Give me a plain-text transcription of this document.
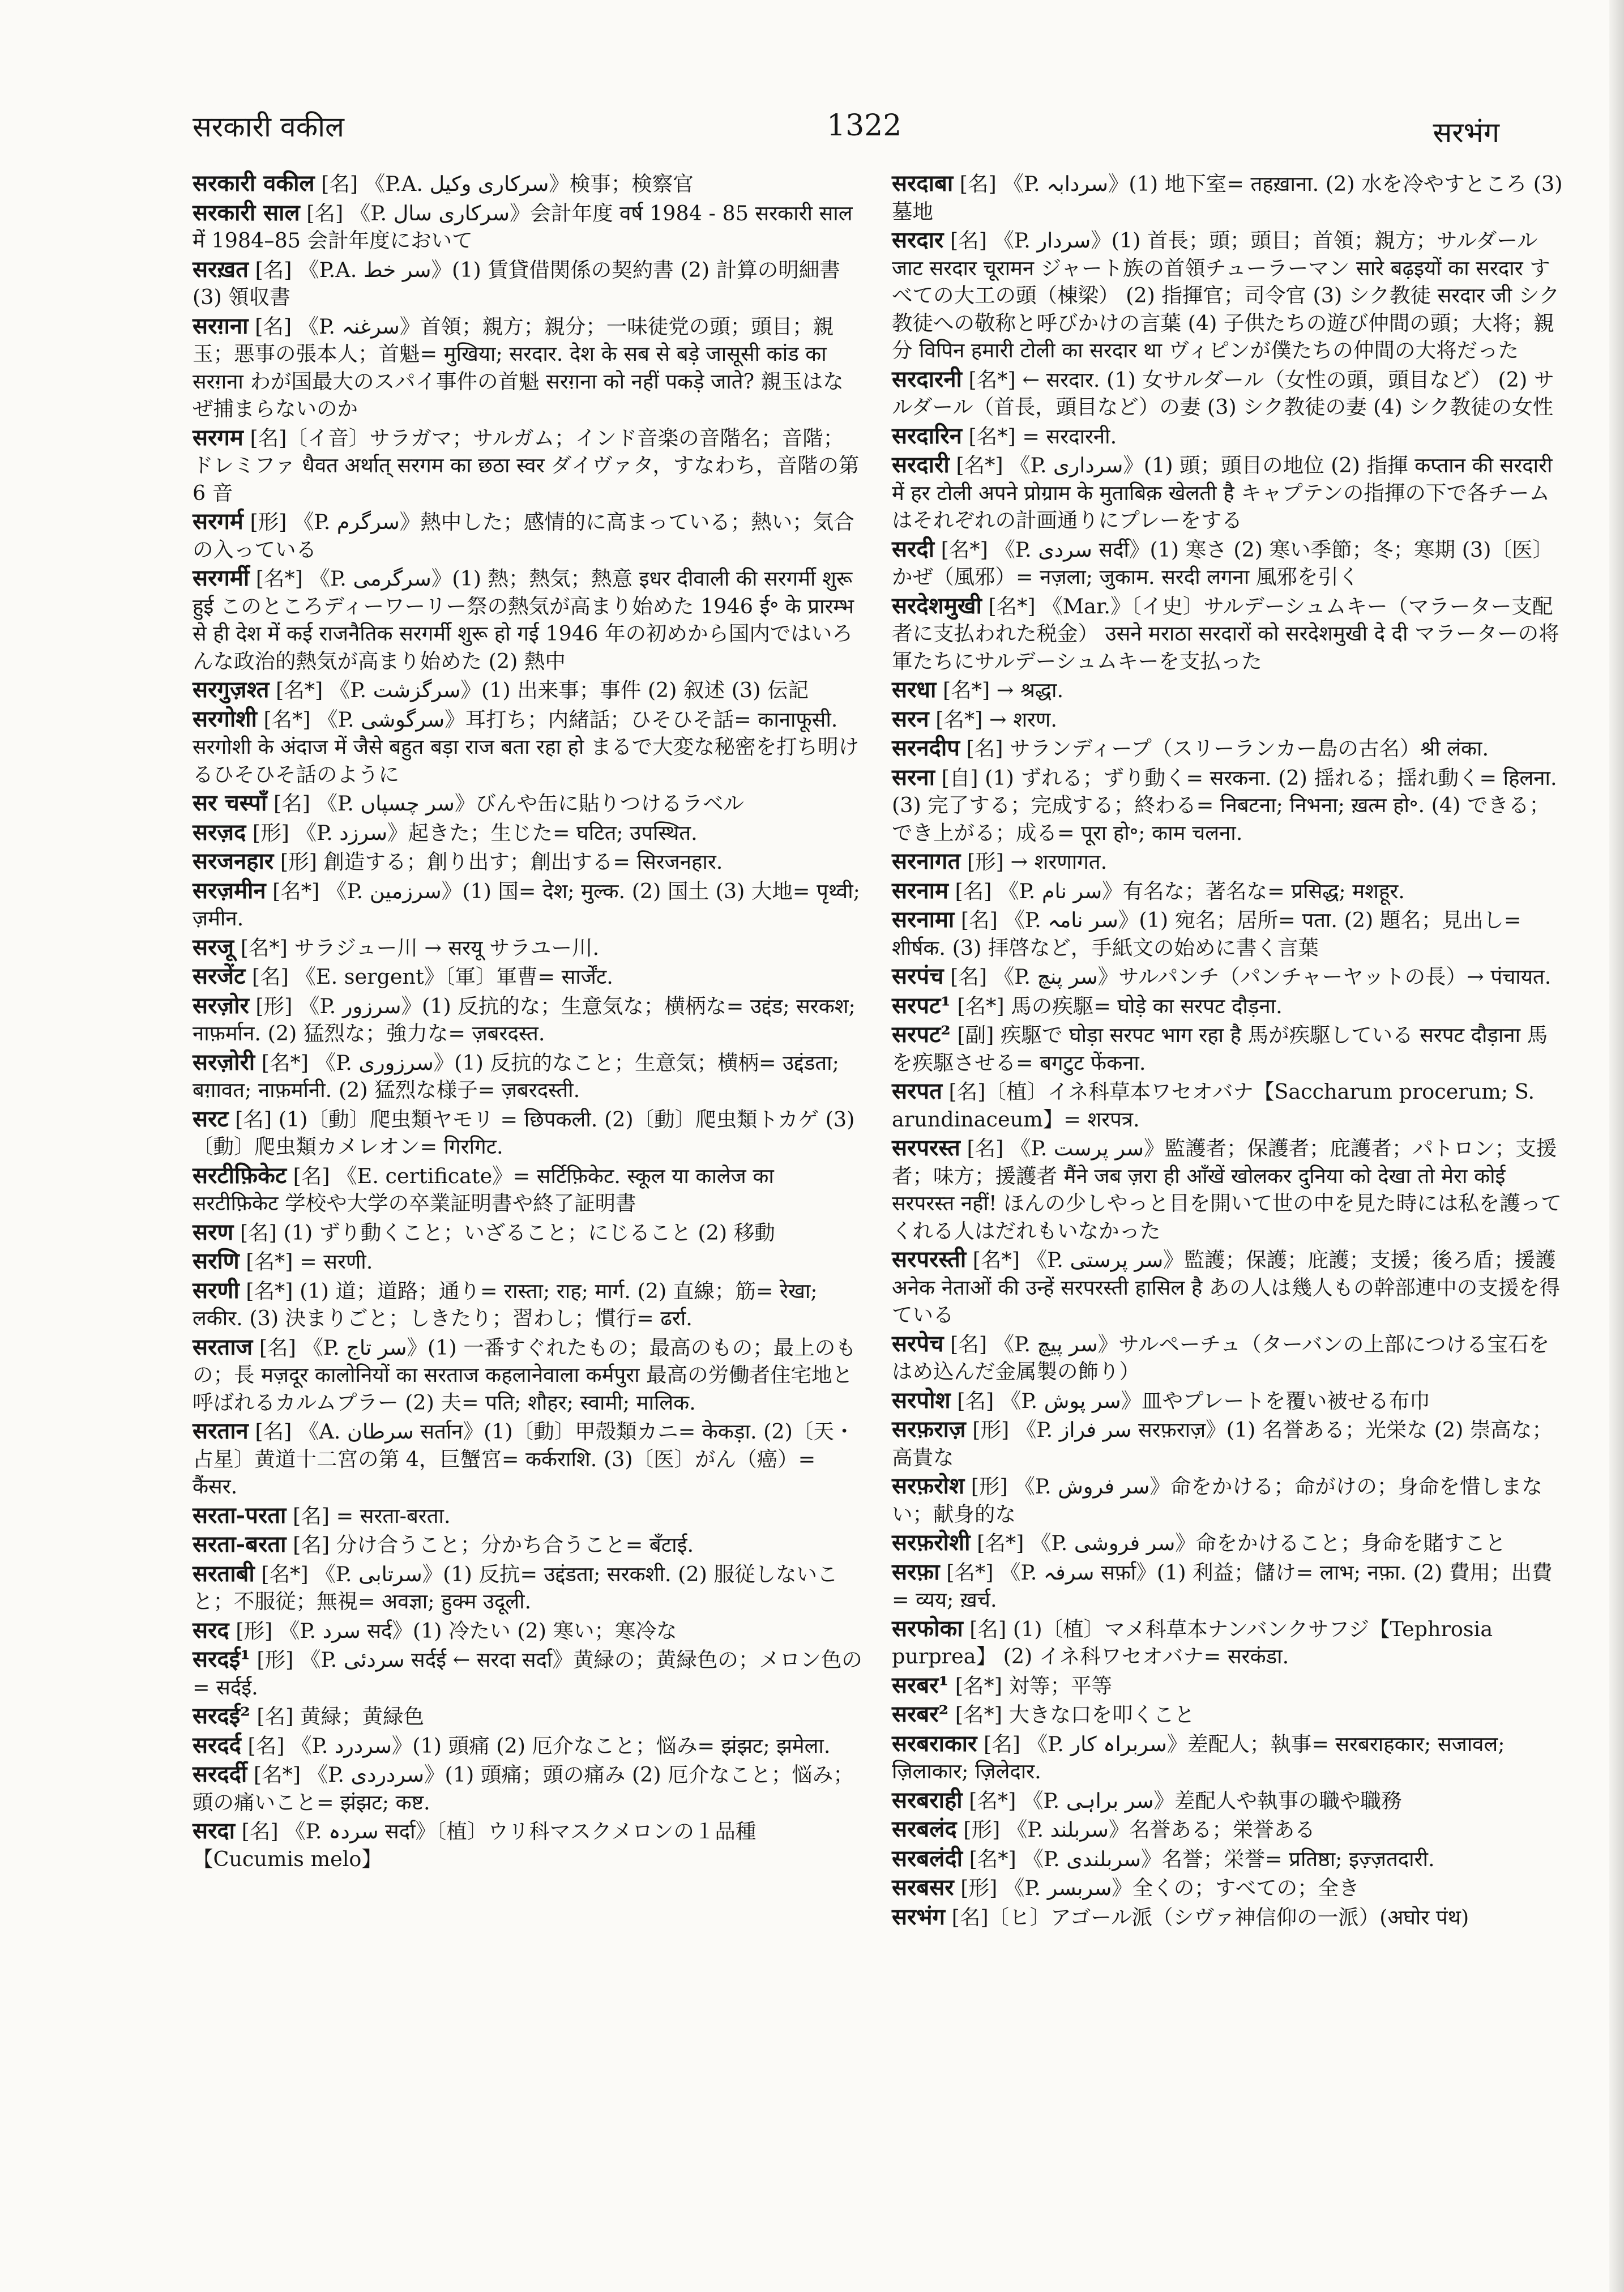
सरकारी वकील	1322	सरभंग

सरकारी वकील [名] 《P.A. سرکاری وکیل》検事；検察官

सरकारी साल [名] 《P. سرکاری سال》会計年度 वर्ष 1984 - 85 सरकारी साल में 1984–85 会計年度において

सरख़त [名] 《P.A. سر خط》(1) 賃貸借関係の契約書 (2) 計算の明細書 (3) 領収書

सरग़ना [名] 《P. سرغنہ》首領；親方；親分；一味徒党の頭；頭目；親玉；悪事の張本人；首魁= मुखिया; सरदार. देश के सब से बड़े जासूसी कांड का सरग़ना わが国最大のスパイ事件の首魁 सरग़ना को नहीं पकड़े जाते? 親玉はなぜ捕まらないのか

सरगम [名]〔イ音〕サラガマ；サルガム；インド音楽の音階名；音階；ドレミファ धैवत अर्थात् सरगम का छठा स्वर ダイヴァタ，すなわち，音階の第 6 音

सरगर्म [形] 《P. سرگرم》熱中した；感情的に高まっている；熱い；気合の入っている

सरगर्मी [名*] 《P. سرگرمی》(1) 熱；熱気；熱意 इधर दीवाली की सरगर्मी शुरू हुई このところディーワーリー祭の熱気が高まり始めた 1946 ई॰ के प्रारम्भ से ही देश में कई राजनैतिक सरगर्मी शुरू हो गई 1946 年の初めから国内ではいろんな政治的熱気が高まり始めた (2) 熱中

सरगुज़श्त [名*] 《P. سرگزشت》(1) 出来事；事件 (2) 叙述 (3) 伝記

सरगोशी [名*] 《P. سرگوشی》耳打ち；内緒話；ひそひそ話= कानाफूसी. सरगोशी के अंदाज में जैसे बहुत बड़ा राज बता रहा हो まるで大変な秘密を打ち明けるひそひそ話のように

सर चस्पाँ [名] 《P. سر چسپاں》びんや缶に貼りつけるラベル

सरज़द [形] 《P. سرزد》起きた；生じた= घटित; उपस्थित.

सरजनहार [形] 創造する；創り出す；創出する= सिरजनहार.

सरज़मीन [名*] 《P. سرزمین》(1) 国= देश; मुल्क. (2) 国土 (3) 大地= पृथ्वी; ज़मीन.

सरजू [名*] サラジュー川 → सरयू サラユー川.

सरजेंट [名] 《E. sergent》〔軍〕軍曹= सार्जेंट.

सरज़ोर [形] 《P. سرزور》(1) 反抗的な；生意気な；横柄な= उद्दंड; सरकश; नाफ़र्मान. (2) 猛烈な；強力な= ज़बरदस्त.

सरज़ोरी [名*] 《P. سرزوری》(1) 反抗的なこと；生意気；横柄= उद्दंडता; बग़ावत; नाफ़र्मानी. (2) 猛烈な様子= ज़बरदस्ती.

सरट [名] (1)〔動〕爬虫類ヤモリ = छिपकली. (2)〔動〕爬虫類トカゲ (3)〔動〕爬虫類カメレオン= गिरगिट.

सरटीफ़िकेट [名] 《E. certificate》= सर्टिफ़िकेट. स्कूल या कालेज का सरटीफ़िकेट 学校や大学の卒業証明書や終了証明書

सरण [名] (1) ずり動くこと；いざること；にじること (2) 移動

सरणि [名*] = सरणी.

सरणी [名*] (1) 道；道路；通り= रास्ता; राह; मार्ग. (2) 直線；筋= रेखा; लकीर. (3) 決まりごと；しきたり；習わし；慣行= ढर्रा.

सरताज [名] 《P. سر تاج》(1) 一番すぐれたもの；最高のもの；最上のもの；長 मज़दूर कालोनियों का सरताज कहलानेवाला कर्मपुरा 最高の労働者住宅地と呼ばれるカルムプラー (2) 夫= पति; शौहर; स्वामी; मालिक.

सरतान [名] 《A. سرطان सर्तान》(1)〔動〕甲殻類カニ= केकड़ा. (2)〔天・占星〕黄道十二宮の第 4，巨蟹宮= कर्कराशि. (3)〔医〕がん（癌）= कैंसर.

सरता-परता [名] = सरता-बरता.

सरता-बरता [名] 分け合うこと；分かち合うこと= बँटाई.

सरताबी [名*] 《P. سرتابی》(1) 反抗= उद्दंडता; सरकशी. (2) 服従しないこと；不服従；無視= अवज्ञा; हुक्म उदूली.

सरद [形] 《P. سرد सर्द》(1) 冷たい (2) 寒い；寒冷な

सरदई¹ [形] 《P. سردئی सर्दई ← सरदा सर्दा》黄緑の；黄緑色の；メロン色の= सर्दई.

सरदई² [名] 黄緑；黄緑色

सरदर्द [名] 《P. سردرد》(1) 頭痛 (2) 厄介なこと；悩み= झंझट; झमेला.

सरदर्दी [名*] 《P. سردردی》(1) 頭痛；頭の痛み (2) 厄介なこと；悩み；頭の痛いこと= झंझट; कष्ट.

सरदा [名] 《P. سردہ सर्दा》〔植〕ウリ科マスクメロンの１品種【Cucumis melo】

सरदाबा [名] 《P. سردابہ》(1) 地下室= तहख़ाना. (2) 水を冷やすところ (3) 墓地

सरदार [名] 《P. سردار》(1) 首長；頭；頭目；首領；親方；サルダール जाट सरदार चूरामन ジャート族の首領チューラーマン सारे बढ़इयों का सरदार すべての大工の頭（棟梁） (2) 指揮官；司令官 (3) シク教徒 सरदार जी シク教徒への敬称と呼びかけの言葉 (4) 子供たちの遊び仲間の頭；大将；親分 विपिन हमारी टोली का सरदार था ヴィピンが僕たちの仲間の大将だった

सरदारनी [名*] ← सरदार. (1) 女サルダール（女性の頭，頭目など） (2) サルダール（首長，頭目など）の妻 (3) シク教徒の妻 (4) シク教徒の女性

सरदारिन [名*] = सरदारनी.

सरदारी [名*] 《P. سرداری》(1) 頭；頭目の地位 (2) 指揮 कप्तान की सरदारी में हर टोली अपने प्रोग्राम के मुताबिक़ खेलती है キャプテンの指揮の下で各チームはそれぞれの計画通りにプレーをする

सरदी [名*] 《P. سردی सर्दी》(1) 寒さ (2) 寒い季節；冬；寒期 (3)〔医〕かぜ（風邪）= नज़ला; जुकाम. सरदी लगना 風邪を引く

सरदेशमुखी [名*] 《Mar.》〔イ史〕サルデーシュムキー（マラーター支配者に支払われた税金） उसने मराठा सरदारों को सरदेशमुखी दे दी マラーターの将軍たちにサルデーシュムキーを支払った

सरधा [名*] → श्रद्धा.

सरन [名*] → शरण.

सरनदीप [名] サランディープ（スリーランカー島の古名）श्री लंका.

सरना [自] (1) ずれる；ずり動く= सरकना. (2) 揺れる；揺れ動く= हिलना. (3) 完了する；完成する；終わる= निबटना; निभना; ख़त्म हो॰. (4) できる；でき上がる；成る= पूरा हो॰; काम चलना.

सरनागत [形] → शरणागत.

सरनाम [名] 《P. سر نام》有名な；著名な= प्रसिद्ध; मशहूर.

सरनामा [名] 《P. سر نامہ》(1) 宛名；居所= पता. (2) 題名；見出し= शीर्षक. (3) 拝啓など，手紙文の始めに書く言葉

सरपंच [名] 《P. سر پنچ》サルパンチ（パンチャーヤットの長）→ पंचायत.

सरपट¹ [名*] 馬の疾駆= घोड़े का सरपट दौड़ना.

सरपट² [副] 疾駆で घोड़ा सरपट भाग रहा है 馬が疾駆している सरपट दौड़ाना 馬を疾駆させる= बगटुट फेंकना.

सरपत [名]〔植〕イネ科草本ワセオバナ【Saccharum procerum; S. arundinaceum】= शरपत्र.

सरपरस्त [名] 《P. سر پرست》監護者；保護者；庇護者；パトロン；支援者；味方；援護者 मैंने जब ज़रा ही आँखें खोलकर दुनिया को देखा तो मेरा कोई सरपरस्त नहीं! ほんの少しやっと目を開いて世の中を見た時には私を護ってくれる人はだれもいなかった

सरपरस्ती [名*] 《P. سر پرستی》監護；保護；庇護；支援；後ろ盾；援護 अनेक नेताओं की उन्हें सरपरस्ती हासिल है あの人は幾人もの幹部連中の支援を得ている

सरपेच [名] 《P. سر پیچ》サルペーチュ（ターバンの上部につける宝石をはめ込んだ金属製の飾り）

सरपोश [名] 《P. سر پوش》皿やプレートを覆い被せる布巾

सरफ़राज़ [形] 《P. سر فراز सरफ़राज़》(1) 名誉ある；光栄な (2) 崇高な；高貴な

सरफ़रोश [形] 《P. سر فروش》命をかける；命がけの；身命を惜しまない；献身的な

सरफ़रोशी [名*] 《P. سر فروشی》命をかけること；身命を賭すこと

सरफ़ा [名*] 《P. سرفہ सर्फ़ा》(1) 利益；儲け= लाभ; नफ़ा. (2) 費用；出費= व्यय; ख़र्च.

सरफोका [名] (1)〔植〕マメ科草本ナンバンクサフジ【Tephrosia purprea】 (2) イネ科ワセオバナ= सरकंडा.

सरबर¹ [名*] 対等；平等

सरबर² [名*] 大きな口を叩くこと

सरबराकार [名] 《P. سربراہ کار》差配人；執事= सरबराहकार; सजावल; ज़िलाकार; ज़िलेदार.

सरबराही [名*] 《P. سر براہی》差配人や執事の職や職務

सरबलंद [形] 《P. سربلند》名誉ある；栄誉ある

सरबलंदी [名*] 《P. سربلندی》名誉；栄誉= प्रतिष्ठा; इज़्ज़तदारी.

सरबसर [形] 《P. سربسر》全くの；すべての；全き

सरभंग [名]〔ヒ〕アゴール派（シヴァ神信仰の一派）(अघोर पंथ)
